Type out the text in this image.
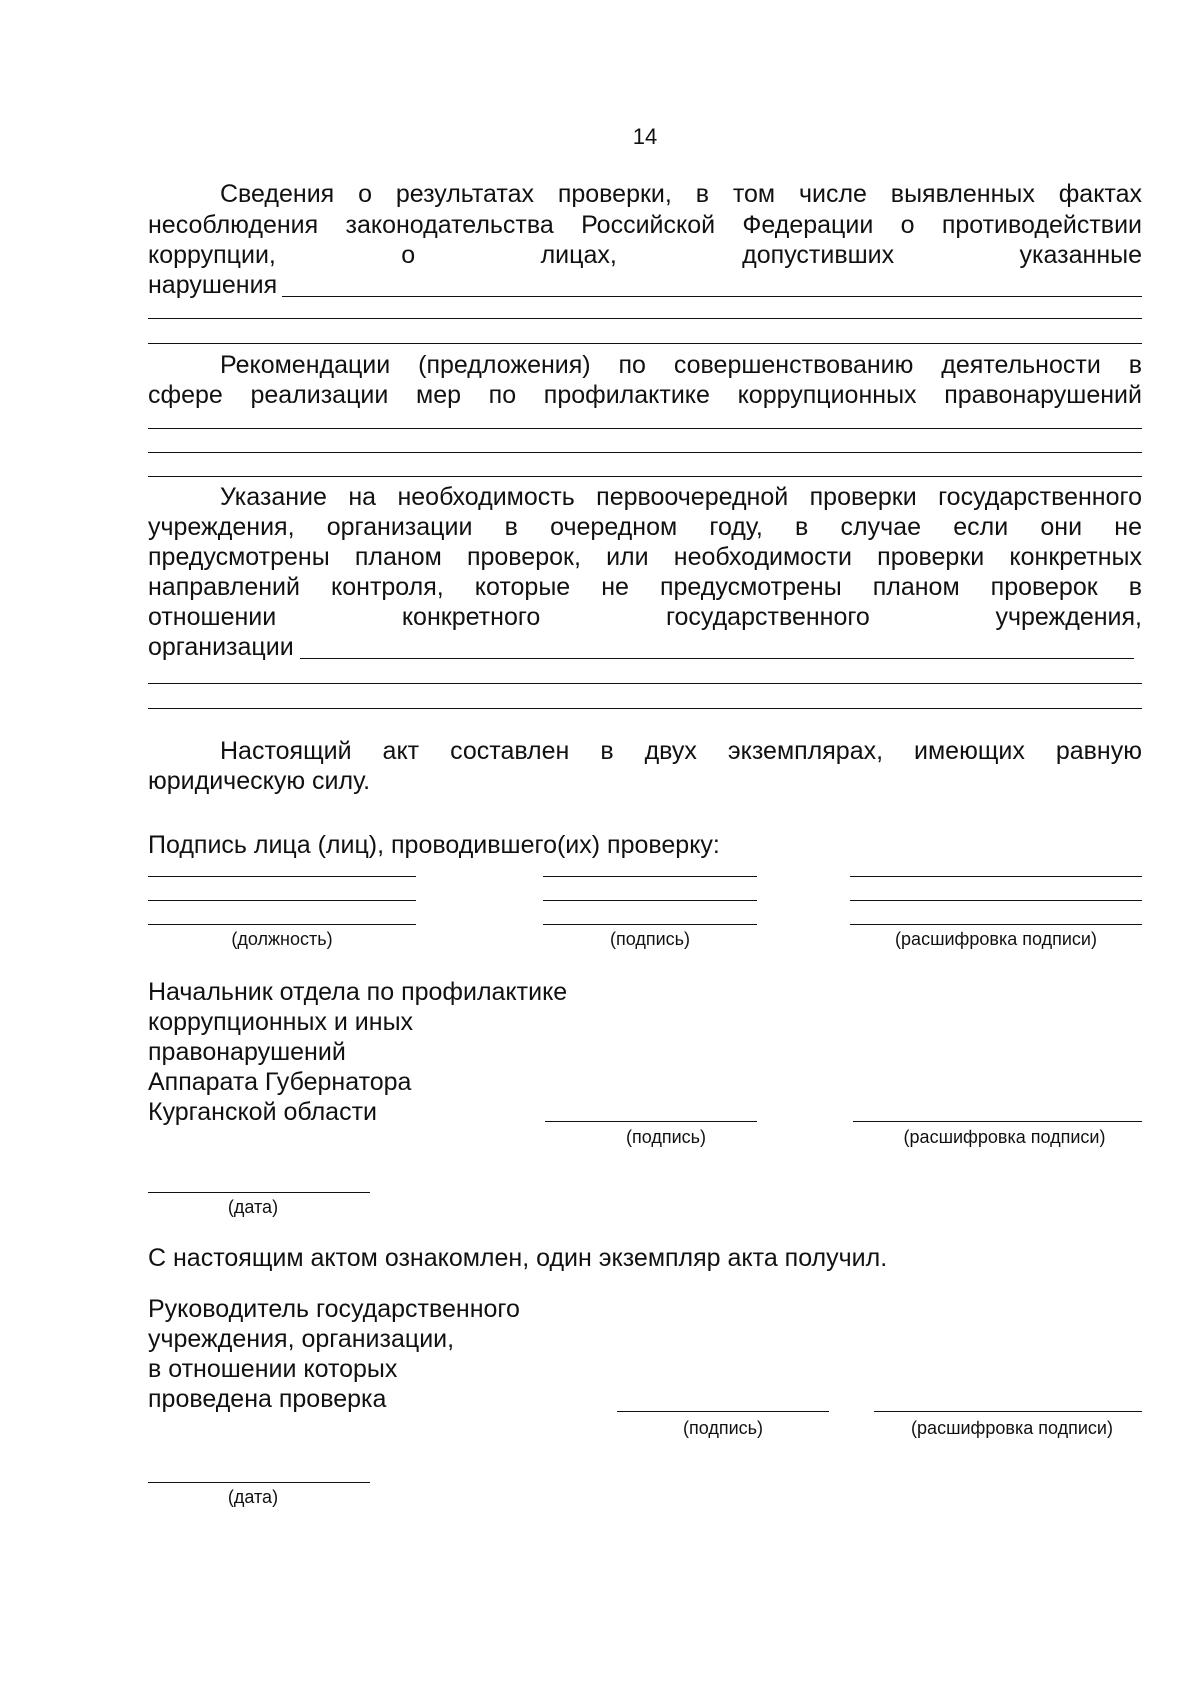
14
Сведения о результатах проверки, в том числе выявленных фактах
несоблюдения законодательства Российской Федерации о противодействии
коррупции, о лицах, допустивших указанные
нарушения
Рекомендации (предложения) по совершенствованию деятельности в
сфере реализации мер по профилактике коррупционных правонарушений
Указание на необходимость первоочередной проверки государственного
учреждения, организации в очередном году, в случае если они не
предусмотрены планом проверок, или необходимости проверки конкретных
направлений контроля, которые не предусмотрены планом проверок в
отношении конкретного государственного учреждения,
организации
Настоящий акт составлен в двух экземплярах, имеющих равную
юридическую силу.
Подпись лица (лиц), проводившего(их) проверку:
(должность)	(подпись)	(расшифровка подписи)
Начальник отдела по профилактике
коррупционных и иных
правонарушений
Аппарата Губернатора
Курганской области
(подпись)	(расшифровка подписи)
(дата)
С настоящим актом ознакомлен, один экземпляр акта получил.
Руководитель государственного
учреждения, организации,
в отношении которых
проведена проверка
(подпись)	(расшифровка подписи)
(дата)
